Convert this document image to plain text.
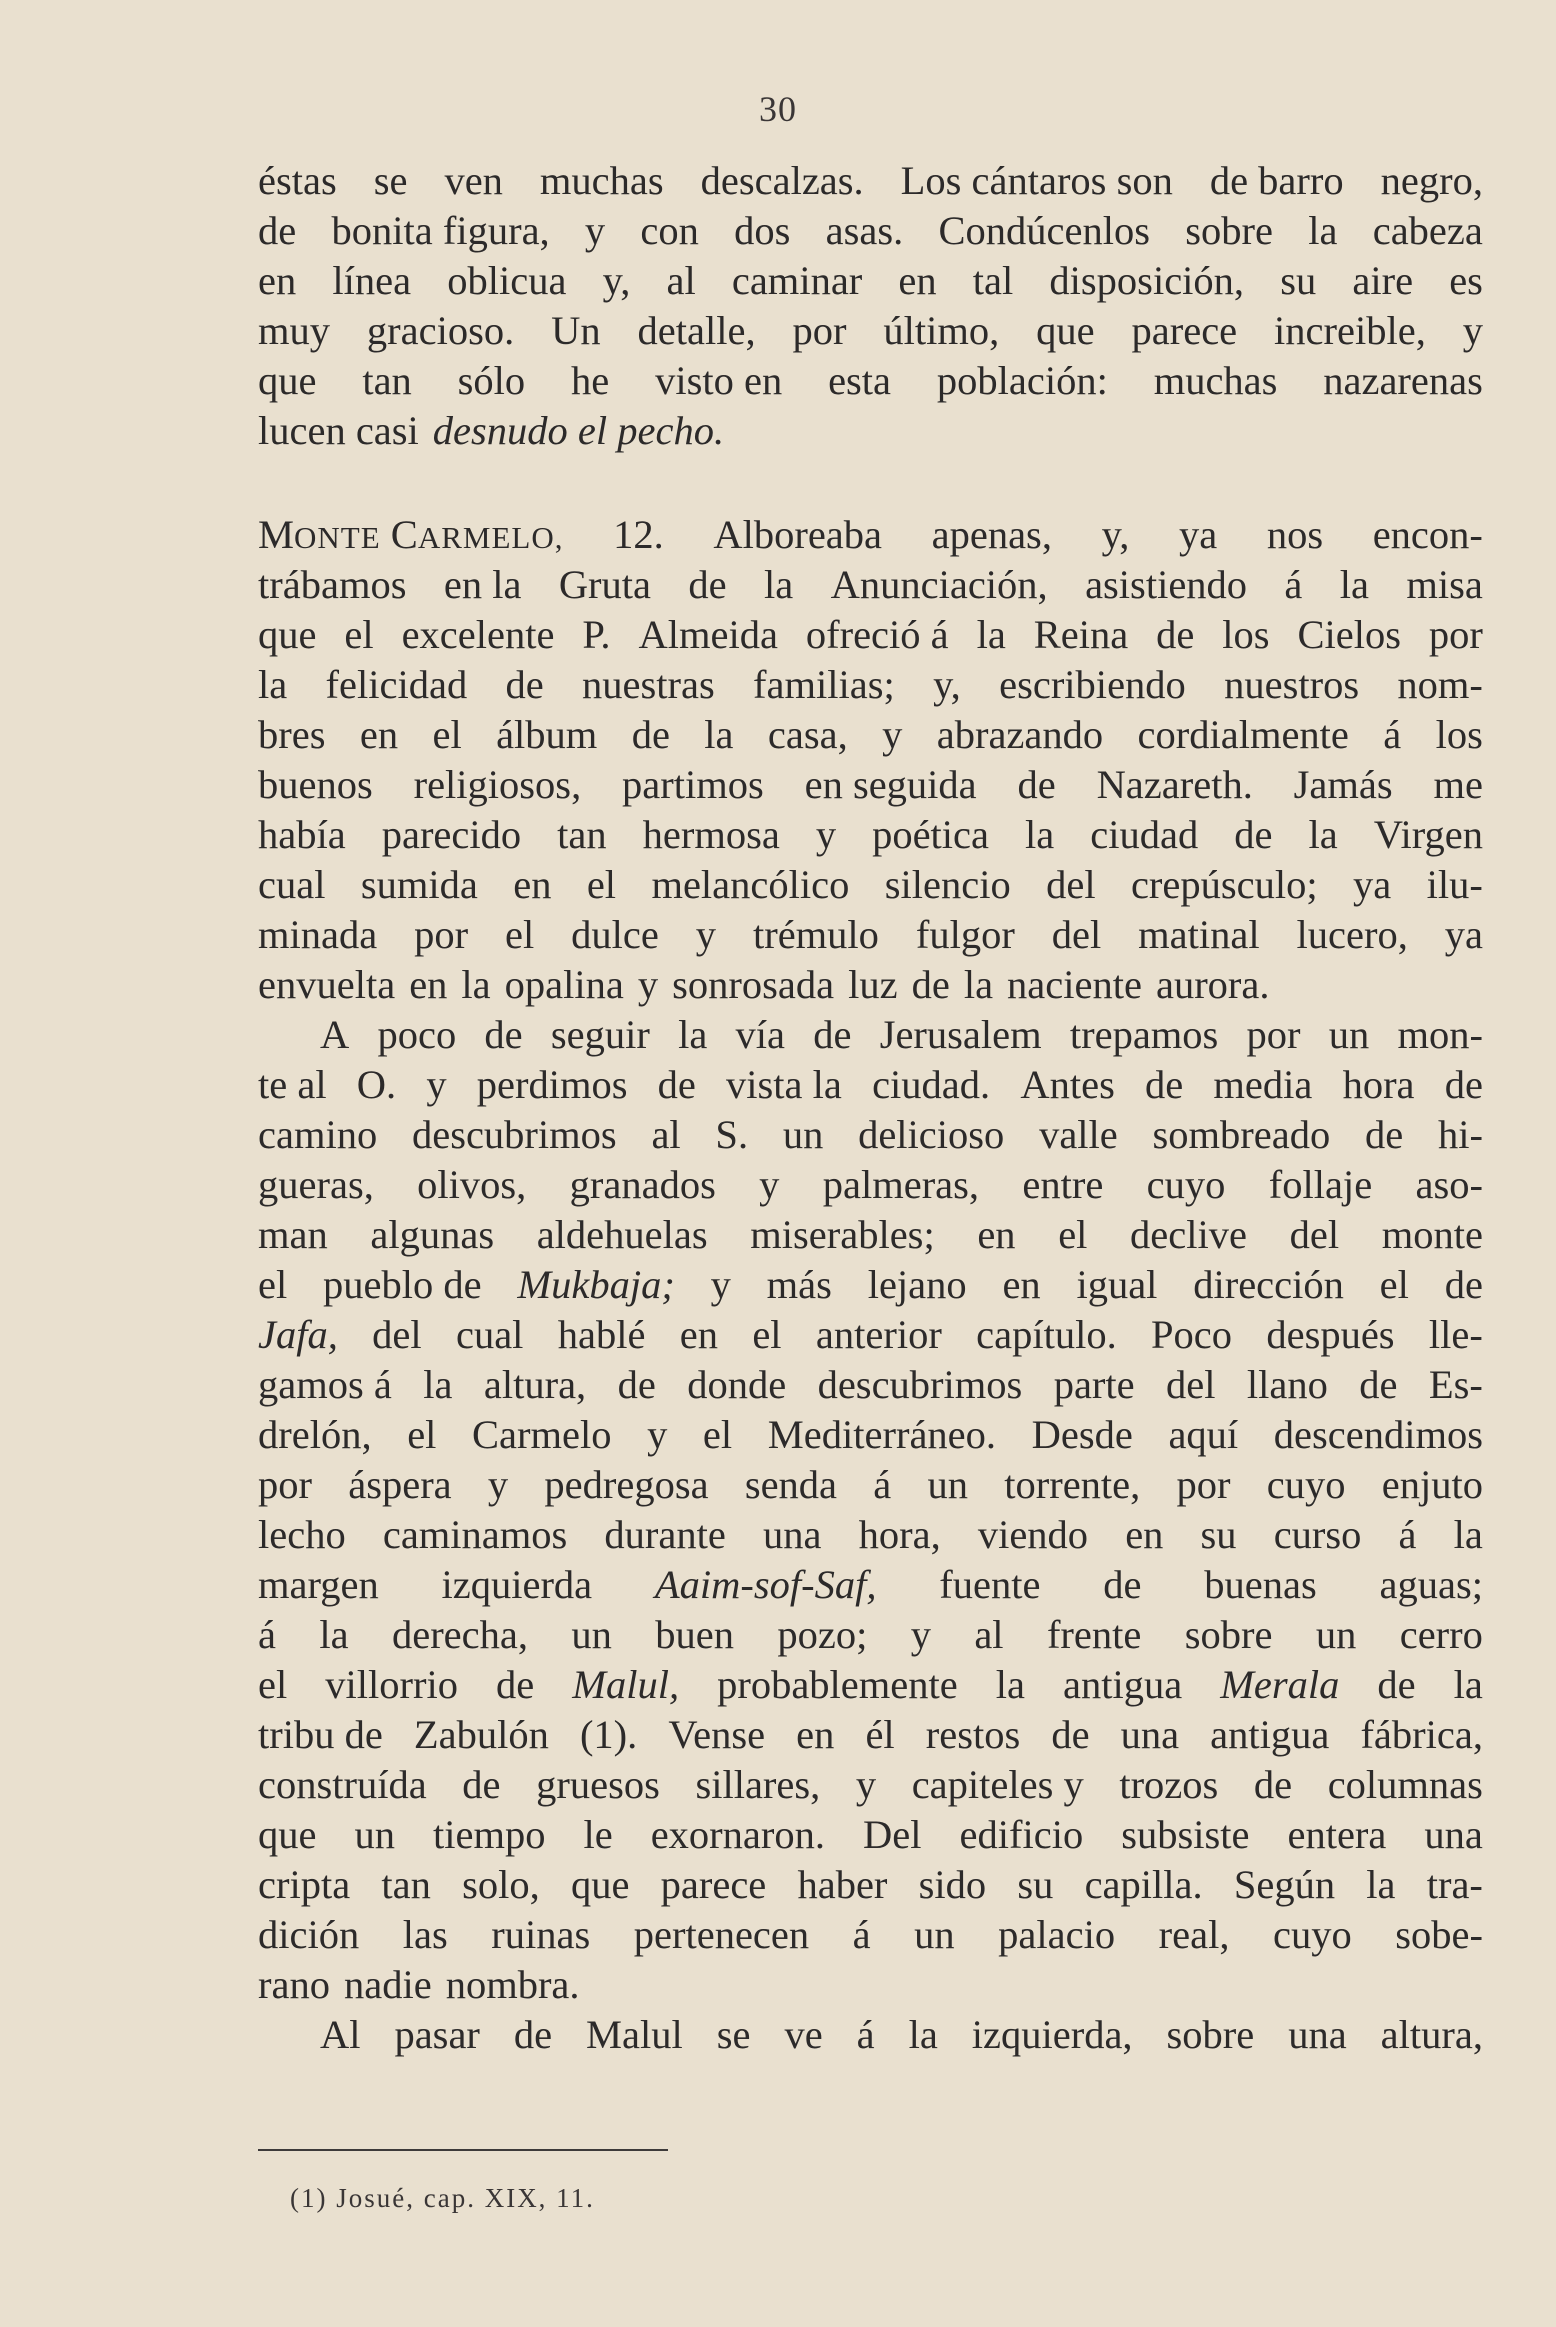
30
éstas se ven muchas descalzas. Los cántaros son de barro negro,
de bonita figura, y con dos asas. Condúcenlos sobre la cabeza
en línea oblicua y, al caminar en tal disposición, su aire es
muy gracioso. Un detalle, por último, que parece increible, y
que tan sólo he visto en esta población: muchas nazarenas
lucen casi desnudo el pecho.
MONTE CARMELO, 12. Alboreaba apenas, y, ya nos encon-
trábamos en la Gruta de la Anunciación, asistiendo á la misa
que el excelente P. Almeida ofreció á la Reina de los Cielos por
la felicidad de nuestras familias; y, escribiendo nuestros nom-
bres en el álbum de la casa, y abrazando cordialmente á los
buenos religiosos, partimos en seguida de Nazareth. Jamás me
había parecido tan hermosa y poética la ciudad de la Virgen
cual sumida en el melancólico silencio del crepúsculo; ya ilu-
minada por el dulce y trémulo fulgor del matinal lucero, ya
envuelta en la opalina y sonrosada luz de la naciente aurora.
A poco de seguir la vía de Jerusalem trepamos por un mon-
te al O. y perdimos de vista la ciudad. Antes de media hora de
camino descubrimos al S. un delicioso valle sombreado de hi-
gueras, olivos, granados y palmeras, entre cuyo follaje aso-
man algunas aldehuelas miserables; en el declive del monte
el pueblo de Mukbaja; y más lejano en igual dirección el de
Jafa, del cual hablé en el anterior capítulo. Poco después lle-
gamos á la altura, de donde descubrimos parte del llano de Es-
drelón, el Carmelo y el Mediterráneo. Desde aquí descendimos
por áspera y pedregosa senda á un torrente, por cuyo enjuto
lecho caminamos durante una hora, viendo en su curso á la
margen izquierda Aaim-sof-Saf, fuente de buenas aguas;
á la derecha, un buen pozo; y al frente sobre un cerro
el villorrio de Malul, probablemente la antigua Merala de la
tribu de Zabulón (1). Vense en él restos de una antigua fábrica,
construída de gruesos sillares, y capiteles y trozos de columnas
que un tiempo le exornaron. Del edificio subsiste entera una
cripta tan solo, que parece haber sido su capilla. Según la tra-
dición las ruinas pertenecen á un palacio real, cuyo sobe-
rano nadie nombra.
Al pasar de Malul se ve á la izquierda, sobre una altura,
(1) Josué, cap. XIX, 11.
